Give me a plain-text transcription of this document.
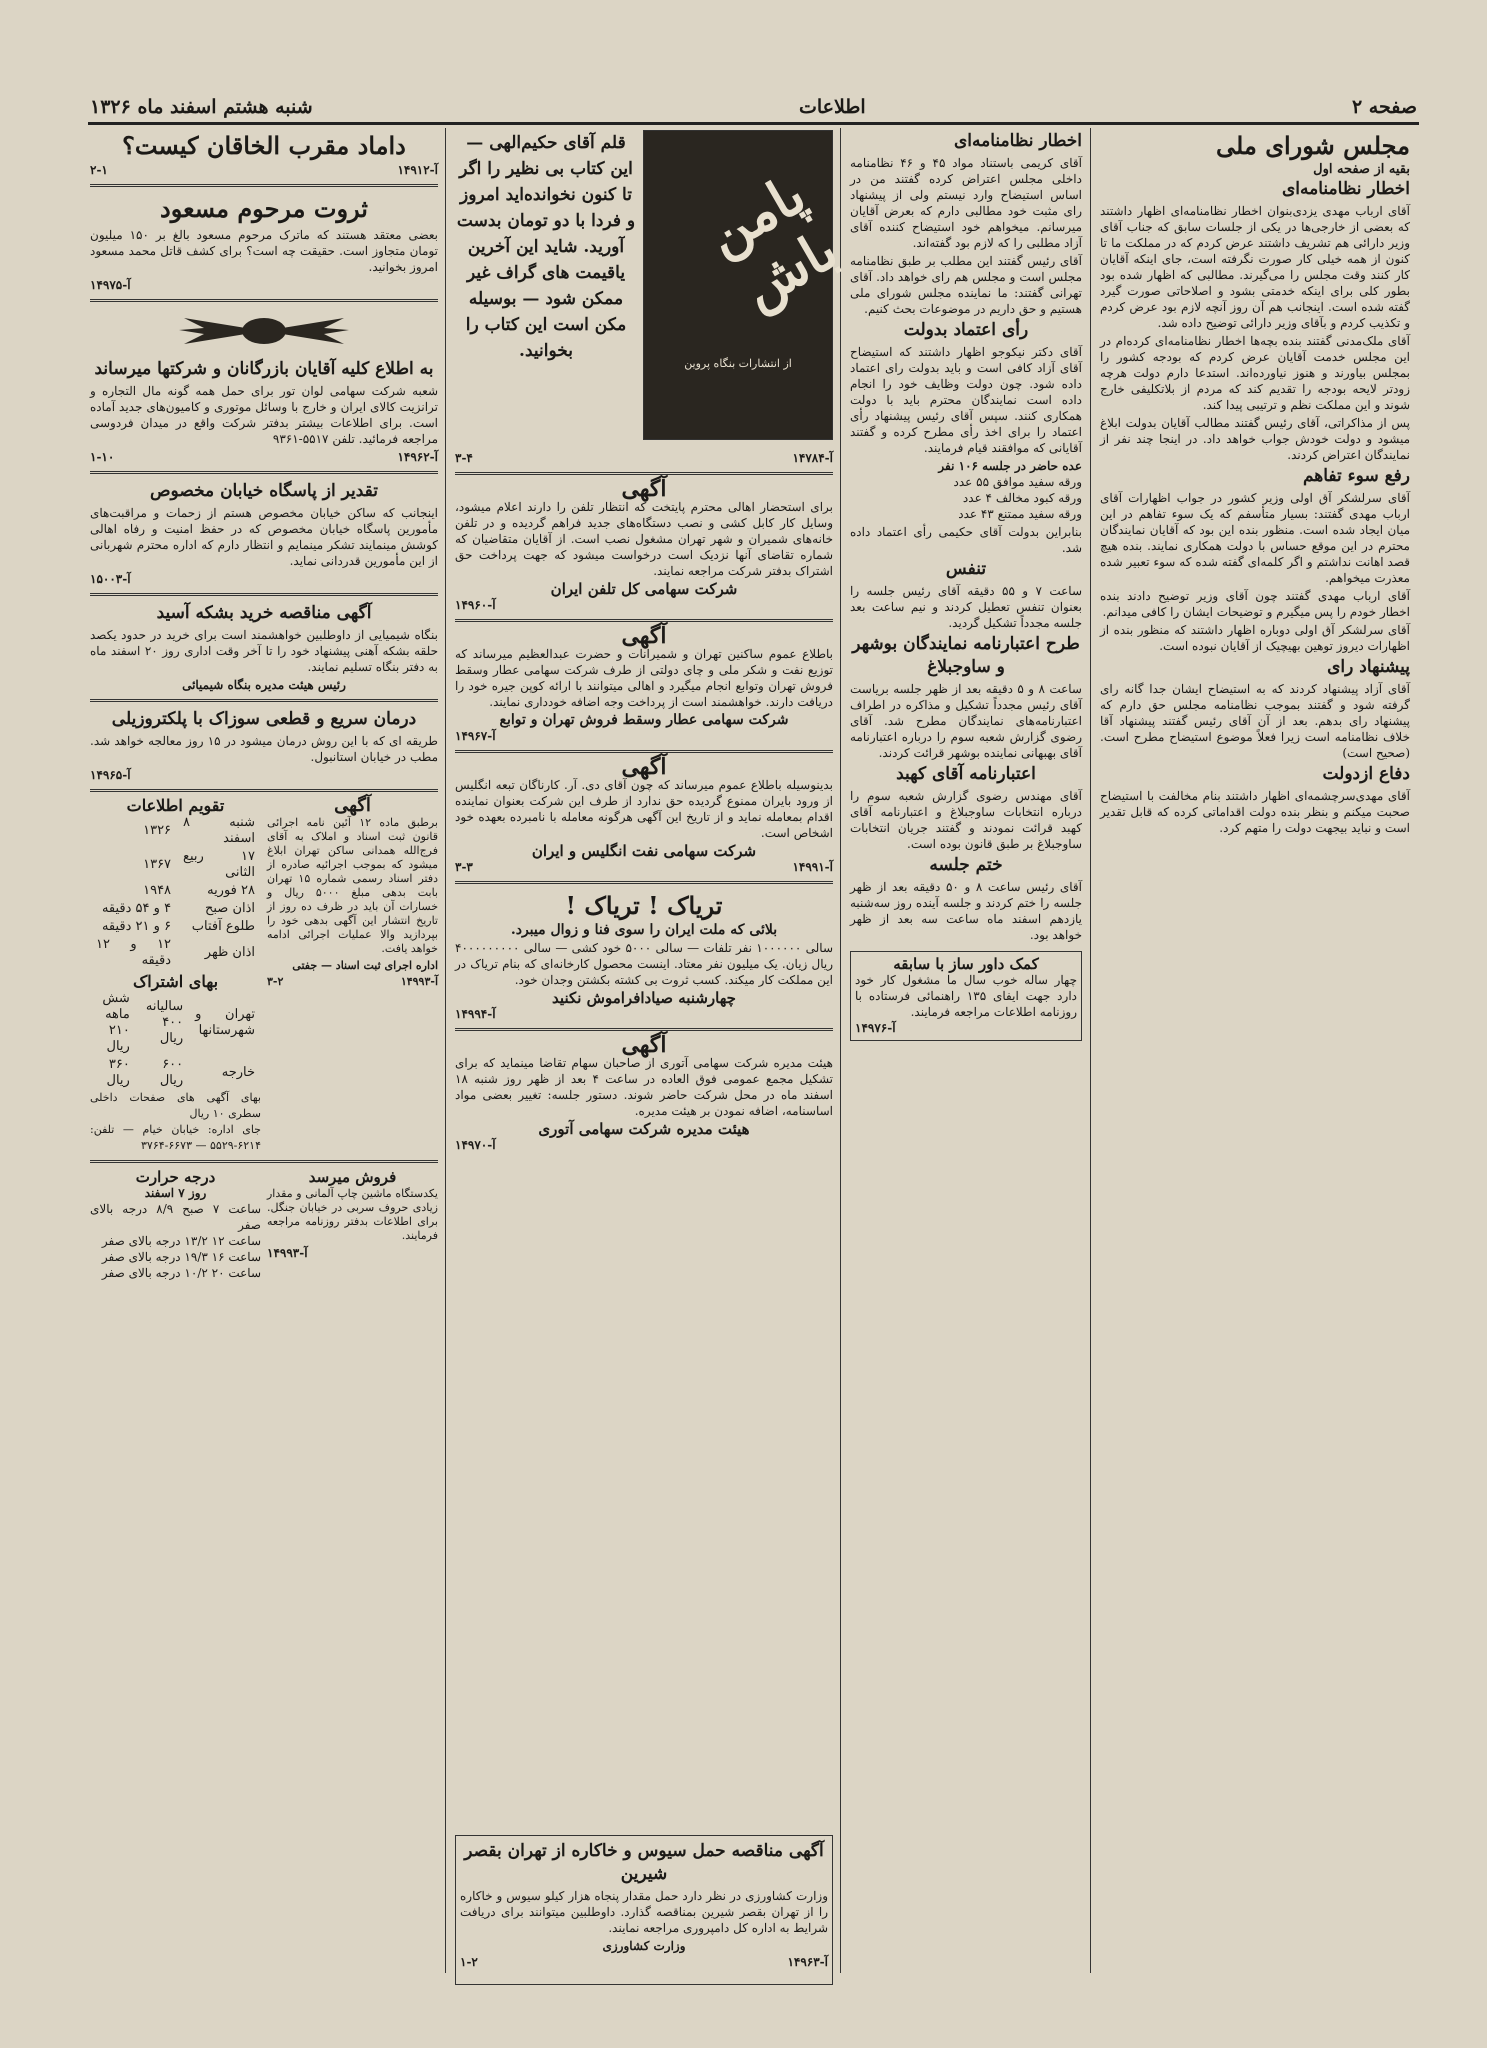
صفحه ۲
اطلاعات
شنبه هشتم اسفند ماه ۱۳۲۶
مجلس شورای ملی
بقیه از صفحه اول
اخطار نظامنامه‌ای

آقای ارباب مهدی یزدی‌بنوان اخطار نظامنامه‌ای اظهار داشتند که بعضی از خارجی‌ها در یکی از جلسات سابق که جناب آقای وزیر دارائی هم تشریف داشتند عرض کردم که در مملکت ما تا کنون از همه خیلی کار صورت نگرفته است، جای اینکه آقایان کار کنند وقت مجلس را می‌گیرند. مطالبی که اظهار شده بود بطور کلی برای اینکه خدمتی بشود و اصلاحاتی صورت گیرد گفته شده است. اینجانب هم آن روز آنچه لازم بود عرض کردم و تکذیب کردم و بآقای وزیر دارائی توضیح داده شد.

آقای ملک‌مدنی گفتند بنده بچه‌ها اخطار نظامنامه‌ای کرده‌ام در این مجلس خدمت آقایان عرض کردم که بودجه کشور را بمجلس بیاورند و هنوز نیاورده‌اند. استدعا دارم دولت هرچه زودتر لایحه بودجه را تقدیم کند که مردم از بلاتکلیفی خارج شوند و این مملکت نظم و ترتیبی پیدا کند.

پس از مذاکراتی، آقای رئیس گفتند مطالب آقایان بدولت ابلاغ میشود و دولت خودش جواب خواهد داد. در اینجا چند نفر از نمایندگان اعتراض کردند.

رفع سوء تفاهم

آقای سرلشکر آق اولی وزیر کشور در جواب اظهارات آقای ارباب مهدی گفتند: بسیار متأسفم که یک سوء تفاهم در این میان ایجاد شده است. منظور بنده این بود که آقایان نمایندگان محترم در این موقع حساس با دولت همکاری نمایند. بنده هیچ قصد اهانت نداشتم و اگر کلمه‌ای گفته شده که سوء تعبیر شده معذرت میخواهم.

آقای ارباب مهدی گفتند چون آقای وزیر توضیح دادند بنده اخطار خودم را پس میگیرم و توضیحات ایشان را کافی میدانم.

آقای سرلشکر آق اولی دوباره اظهار داشتند که منظور بنده از اظهارات دیروز توهین بهیچیک از آقایان نبوده است.

پیشنهاد رای

آقای آزاد پیشنهاد کردند که به استیضاح ایشان جدا گانه رای گرفته شود و گفتند بموجب نظامنامه مجلس حق دارم که پیشنهاد رای بدهم. بعد از آن آقای رئیس گفتند پیشنهاد آقا خلاف نظامنامه است زیرا فعلاً موضوع استیضاح مطرح است. (صحیح است)

دفاع ازدولت

آقای مهدی‌سرچشمه‌ای اظهار داشتند بنام مخالفت با استیضاح صحبت میکنم و بنظر بنده دولت اقداماتی کرده که قابل تقدیر است و نباید بیجهت دولت را متهم کرد.

اخطار نظامنامه‌ای

آقای کریمی باستناد مواد ۴۵ و ۴۶ نظامنامه داخلی مجلس اعتراض کرده گفتند من در اساس استیضاح وارد نیستم ولی از پیشنهاد رای مثبت خود مطالبی دارم که بعرض آقایان میرسانم. میخواهم خود استیضاح کننده آقای آزاد مطلبی را که لازم بود گفته‌اند.

آقای رئیس گفتند این مطلب بر طبق نظامنامه مجلس است و مجلس هم رای خواهد داد. آقای تهرانی گفتند: ما نماینده مجلس شورای ملی هستیم و حق داریم در موضوعات بحث کنیم.

رأی اعتماد بدولت

آقای دکتر نیکوجو اظهار داشتند که استیضاح آقای آزاد کافی است و باید بدولت رای اعتماد داده شود. چون دولت وظایف خود را انجام داده است نمایندگان محترم باید با دولت همکاری کنند. سپس آقای رئیس پیشنهاد رأی اعتماد را برای اخذ رأی مطرح کرده و گفتند آقایانی که موافقند قیام فرمایند.

عده حاضر در جلسه ۱۰۶ نفر
ورقه سفید موافق ۵۵ عدد
ورقه کبود مخالف ۴ عدد
ورقه سفید ممتنع ۴۳ عدد

بنابراین بدولت آقای حکیمی رأی اعتماد داده شد.

تنفس

ساعت ۷ و ۵۵ دقیقه آقای رئیس جلسه را بعنوان تنفس تعطیل کردند و نیم ساعت بعد جلسه مجدداً تشکیل گردید.

طرح اعتبارنامه نمایندگان بوشهر و ساوجبلاغ

ساعت ۸ و ۵ دقیقه بعد از ظهر جلسه بریاست آقای رئیس مجدداً تشکیل و مذاکره در اطراف اعتبارنامه‌های نمایندگان مطرح شد. آقای رضوی گزارش شعبه سوم را درباره اعتبارنامه آقای بهبهانی نماینده بوشهر قرائت کردند.

اعتبارنامه آقای کهبد

آقای مهندس رضوی گزارش شعبه سوم را درباره انتخابات ساوجبلاغ و اعتبارنامه آقای کهبد قرائت نمودند و گفتند جریان انتخابات ساوجبلاغ بر طبق قانون بوده است.

ختم جلسه

آقای رئیس ساعت ۸ و ۵۰ دقیقه بعد از ظهر جلسه را ختم کردند و جلسه آینده روز سه‌شنبه یازدهم اسفند ماه ساعت سه بعد از ظهر خواهد بود.

کمک داور ساز با سابقه
چهار ساله خوب سال ما مشغول کار خود دارد جهت ایفای ۱۳۵ راهنمائی فرستاده با روزنامه اطلاعات مراجعه فرمایند.
آ-۱۴۹۷۶
پامن باش
از انتشارات بنگاه پروین
قلم آقای حکیم‌الهی — این کتاب بی نظیر را اگر تا کنون نخوانده‌اید امروز و فردا با دو تومان بدست آورید. شاید این آخرین یاقیمت های گراف غیر ممکن شود — بوسیله مکن است این کتاب را بخوانید.
آ-۱۴۷۸۴
۳-۴
آگهی

برای استحضار اهالی محترم پایتخت که انتظار تلفن را دارند اعلام میشود، وسایل کار کابل کشی و نصب دستگاه‌های جدید فراهم گردیده و در تلفن خانه‌های شمیران و شهر تهران مشغول نصب است. از آقایان متقاضیان که شماره تقاضای آنها نزدیک است درخواست میشود که جهت پرداخت حق اشتراک بدفتر شرکت مراجعه نمایند.

شرکت سهامی کل تلفن ایران
آ-۱۴۹۶۰
آگهی

باطلاع عموم ساکنین تهران و شمیرانات و حضرت عبدالعظیم میرساند که توزیع نفت و شکر ملی و چای دولتی از طرف شرکت سهامی عطار وسقط فروش تهران وتوابع انجام میگیرد و اهالی میتوانند با ارائه کوپن جیره خود را دریافت دارند. خواهشمند است از پرداخت وجه اضافه خودداری نمایند.

شرکت سهامی عطار وسقط فروش تهران و توابع
آ-۱۴۹۶۷
آگهی

بدینوسیله باطلاع عموم میرساند که چون آقای دی. آر. کارناگان تبعه انگلیس از ورود بایران ممنوع گردیده حق ندارد از طرف این شرکت بعنوان نماینده اقدام بمعامله نماید و از تاریخ این آگهی هرگونه معامله با نامبرده بعهده خود اشخاص است.

شرکت سهامی نفت انگلیس و ایران
آ-۱۴۹۹۱
۳-۳
تریاک ! تریاک !
بلائی که ملت ایران را سوی فنا و زوال میبرد.

سالی ۱۰۰۰۰۰۰ نفر تلفات — سالی ۵۰۰۰ خود کشی — سالی ۴۰۰۰۰۰۰۰۰۰ ریال زیان. یک میلیون نفر معتاد. اینست محصول کارخانه‌ای که بنام تریاک در این مملکت کار میکند. کسب ثروت بی کشته بکشتن وجدان خود.

چهارشنبه صیادافراموش نکنید
آ-۱۴۹۹۴
آگهی

هیئت مدیره شرکت سهامی آتوری از صاحبان سهام تقاضا مینماید که برای تشکیل مجمع عمومی فوق العاده در ساعت ۴ بعد از ظهر روز شنبه ۱۸ اسفند ماه در محل شرکت حاضر شوند. دستور جلسه: تغییر بعضی مواد اساسنامه، اضافه نمودن بر هیئت مدیره.

هیئت مدیره شرکت سهامی آتوری
آ-۱۴۹۷۰
داماد مقرب الخاقان کیست؟
آ-۱۴۹۱۲
۲-۱
ثروت مرحوم مسعود

بعضی معتقد هستند که ماترک مرحوم مسعود بالغ بر ۱۵۰ میلیون تومان متجاوز است. حقیقت چه است؟ برای کشف قاتل محمد مسعود امروز بخوانید.

آ-۱۴۹۷۵
به اطلاع کلیه آقایان بازرگانان و شرکتها میرساند

شعبه شرکت سهامی لوان تور برای حمل همه گونه مال التجاره و ترانزیت کالای ایران و خارج با وسائل موتوری و کامیون‌های جدید آماده است. برای اطلاعات بیشتر بدفتر شرکت واقع در میدان فردوسی مراجعه فرمائید. تلفن ۵۵۱۷-۹۳۶۱

آ-۱۴۹۶۲
۱-۱۰
تقدیر از پاسگاه خیابان مخصوص

اینجانب که ساکن خیابان مخصوص هستم از زحمات و مراقبت‌های مأمورین پاسگاه خیابان مخصوص که در حفظ امنیت و رفاه اهالی کوشش مینمایند تشکر مینمایم و انتظار دارم که اداره محترم شهربانی از این مأمورین قدردانی نماید.

آ-۱۵۰۰۳
آگهی مناقصه خرید بشکه آسید

بنگاه شیمیایی از داوطلبین خواهشمند است برای خرید در حدود یکصد حلقه بشکه آهنی پیشنهاد خود را تا آخر وقت اداری روز ۲۰ اسفند ماه به دفتر بنگاه تسلیم نمایند.

رئیس هیئت مدیره بنگاه شیمیائی
درمان سریع و قطعی سوزاک با پلکتروزیلی

طریقه ای که با این روش درمان میشود در ۱۵ روز معالجه خواهد شد. مطب در خیابان استانبول.

آ-۱۴۹۶۵
آگهی

برطبق ماده ۱۲ آئین نامه اجرائی قانون ثبت اسناد و املاک به آقای فرج‌الله همدانی ساکن تهران ابلاغ میشود که بموجب اجرائیه صادره از دفتر اسناد رسمی شماره ۱۵ تهران بابت بدهی مبلغ ۵۰۰۰ ریال و خسارات آن باید در ظرف ده روز از تاریخ انتشار این آگهی بدهی خود را بپردازید والا عملیات اجرائی ادامه خواهد یافت.

اداره اجرای ثبت اسناد — جفتی
آ-۱۴۹۹۳
۳-۲
تقویم اطلاعات
شنبه ۸ اسفند	۱۳۲۶
۱۷ ربیع الثانی	۱۳۶۷
۲۸ فوریه	۱۹۴۸
اذان صبح	۴ و ۵۴ دقیقه
طلوع آفتاب	۶ و ۲۱ دقیقه
اذان ظهر	۱۲ و ۱۲ دقیقه
بهای اشتراک
تهران و شهرستانها	ساليانه ۴۰۰ ریال	شش ماهه ۲۱۰ ریال
خارجه	۶۰۰ ریال	۳۶۰ ریال
بهای آگهی های صفحات داخلی سطری ۱۰ ریال
جای اداره: خیابان خیام — تلفن: ۶۲۱۴-۵۵۲۹ — ۶۶۷۳-۳۷۶۴
فروش میرسد

یکدستگاه ماشین چاپ آلمانی و مقدار زیادی حروف سربی در خیابان جنگل. برای اطلاعات بدفتر روزنامه مراجعه فرمایند.

آ-۱۴۹۹۳
درجه حرارت
روز ۷ اسفند
ساعت ۷ صبح ۸/۹ درجه بالای صفر
ساعت ۱۲ ۱۳/۲ درجه بالای صفر
ساعت ۱۶ ۱۹/۳ درجه بالای صفر
ساعت ۲۰ ۱۰/۲ درجه بالای صفر
آگهی مناقصه حمل سیوس و خاکاره از تهران بقصر شیرین

وزارت کشاورزی در نظر دارد حمل مقدار پنجاه هزار کیلو سیوس و خاکاره را از تهران بقصر شیرین بمناقصه گذارد. داوطلبین میتوانند برای دریافت شرایط به اداره کل دامپروری مراجعه نمایند.

وزارت کشاورزی
آ-۱۴۹۶۳
۱-۲
